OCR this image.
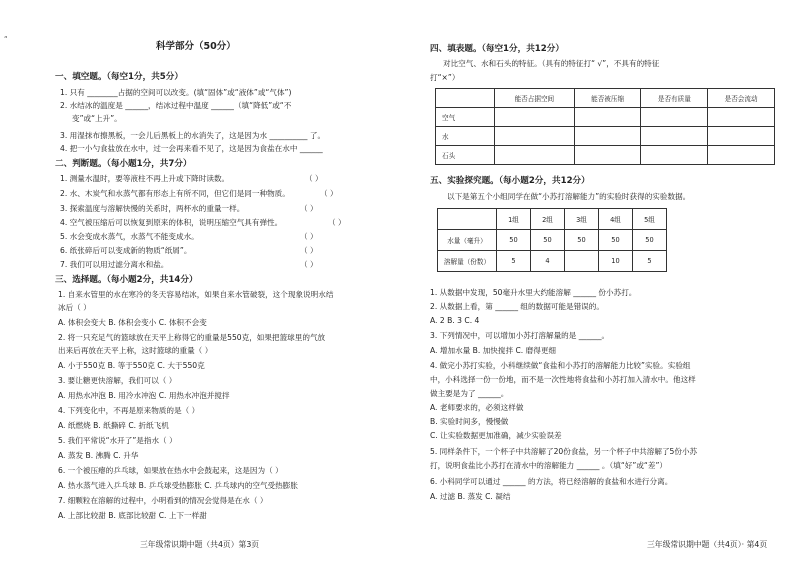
“
科学部分（50分）
一、填空题。（每空1分，共5分）
1. 只有 ________占据的空间可以改变。(填“固体”或“液体”或“气体”)
2. 水结冰的温度是 ______，结冰过程中温度 ______（填“降低”或“不
变”或“上升”。
3. 用湿抹布擦黑板，一会儿后黑板上的水消失了，这是因为水 __________ 了。
4. 把一小勺食盐放在水中，过一会再来看不见了，这是因为食盐在水中 ______
二、判断题。（每小题1分，共7分）
1. 测量水温时，要等液柱不再上升或下降时读数。	（ ）
2. 水、木炭气和水蒸气都有形态上有所不同，但它们是同一种物质。	（ ）
3. 探索温度与溶解快慢的关系时，两杯水的重量一样。	（ ）
4. 空气被压缩后可以恢复到原来的体积，说明压缩空气具有弹性。	（ ）
5. 水会变成水蒸气，水蒸气不能变成水。	（ ）
6. 纸张碎后可以变成新的物质“纸屑”。	（ ）
7. 我们可以用过滤分离水和盐。	（ ）
三、选择题。（每小题2分，共14分）
1. 自来水管里的水在寒冷的冬天容易结冰，如果自来水管破裂，这个现象说明水结
冰后（ ）
A. 体积会变大 B. 体积会变小 C. 体积不会变
2. 将一只充足气的篮球放在天平上称得它的重量是550克，如果把篮球里的气放
出来后再放在天平上称，这时篮球的重量（ ）
A. 小于550克 B. 等于550克 C. 大于550克
3. 要让糖更快溶解，我们可以（ ）
A. 用热水冲泡 B. 用冷水冲泡 C. 用热水冲泡并搅拌
4. 下列变化中，不再是原来物质的是（ ）
A. 纸燃烧 B. 纸撕碎 C. 折纸飞机
5. 我们平常说“水开了”是指水（ ）
A. 蒸发 B. 沸腾 C. 升华
6. 一个被压瘪的乒乓球，如果放在热水中会鼓起来，这是因为（ ）
A. 热水蒸气进入乒乓球 B. 乒乓球受热膨胀 C. 乒乓球内的空气受热膨胀
7. 细颗粒在溶解的过程中，小明看到的情况会觉得是在水（ ）
A. 上部比较甜 B. 底部比较甜 C. 上下一样甜
三年级常识期中题（共4页）第3页
四、填表题。（每空1分，共12分）
对比空气、水和石头的特征。（具有的特征打“ √”，不具有的特征
打“×”）
	能否占据空间	能否被压缩	是否有质量	是否会流动
空气				
水				
石头				
五、实验探究题。（每小题2分，共12分）
以下是第五个小组同学在做“小苏打溶解能力”的实验时获得的实验数据。
	1组	2组	3组	4组	5组
水量（毫升）	50	50	50	50	50
溶解量（份数）	5	4		10	5
1. 从数据中发现，50毫升水里大约能溶解 ______ 份小苏打。
2. 从数据上看，第 ______ 组的数据可能是错误的。
A. 2 B. 3 C. 4
3. 下列情况中，可以增加小苏打溶解量的是 ______。
A. 增加水量 B. 加快搅拌 C. 磨得更细
4. 做完小苏打实验，小科继续做“食盐和小苏打的溶解能力比较”实验。实验组
中，小科选择一份一份地，而不是一次性地将食盐和小苏打加入清水中。他这样
做主要是为了 ______。
A. 老师要求的，必须这样做
B. 实验时间多，慢慢做
C. 让实验数据更加准确，减少实验误差
5. 同样条件下，一个杯子中共溶解了20份食盐，另一个杯子中共溶解了5份小苏
打，说明食盐比小苏打在清水中的溶解能力 ______ 。（填“好”或“差”）
6. 小科同学可以通过 ______ 的方法，将已经溶解的食盐和水进行分离。
A. 过滤 B. 蒸发 C. 凝结
三年级常识期中题（共4页）· 第4页
